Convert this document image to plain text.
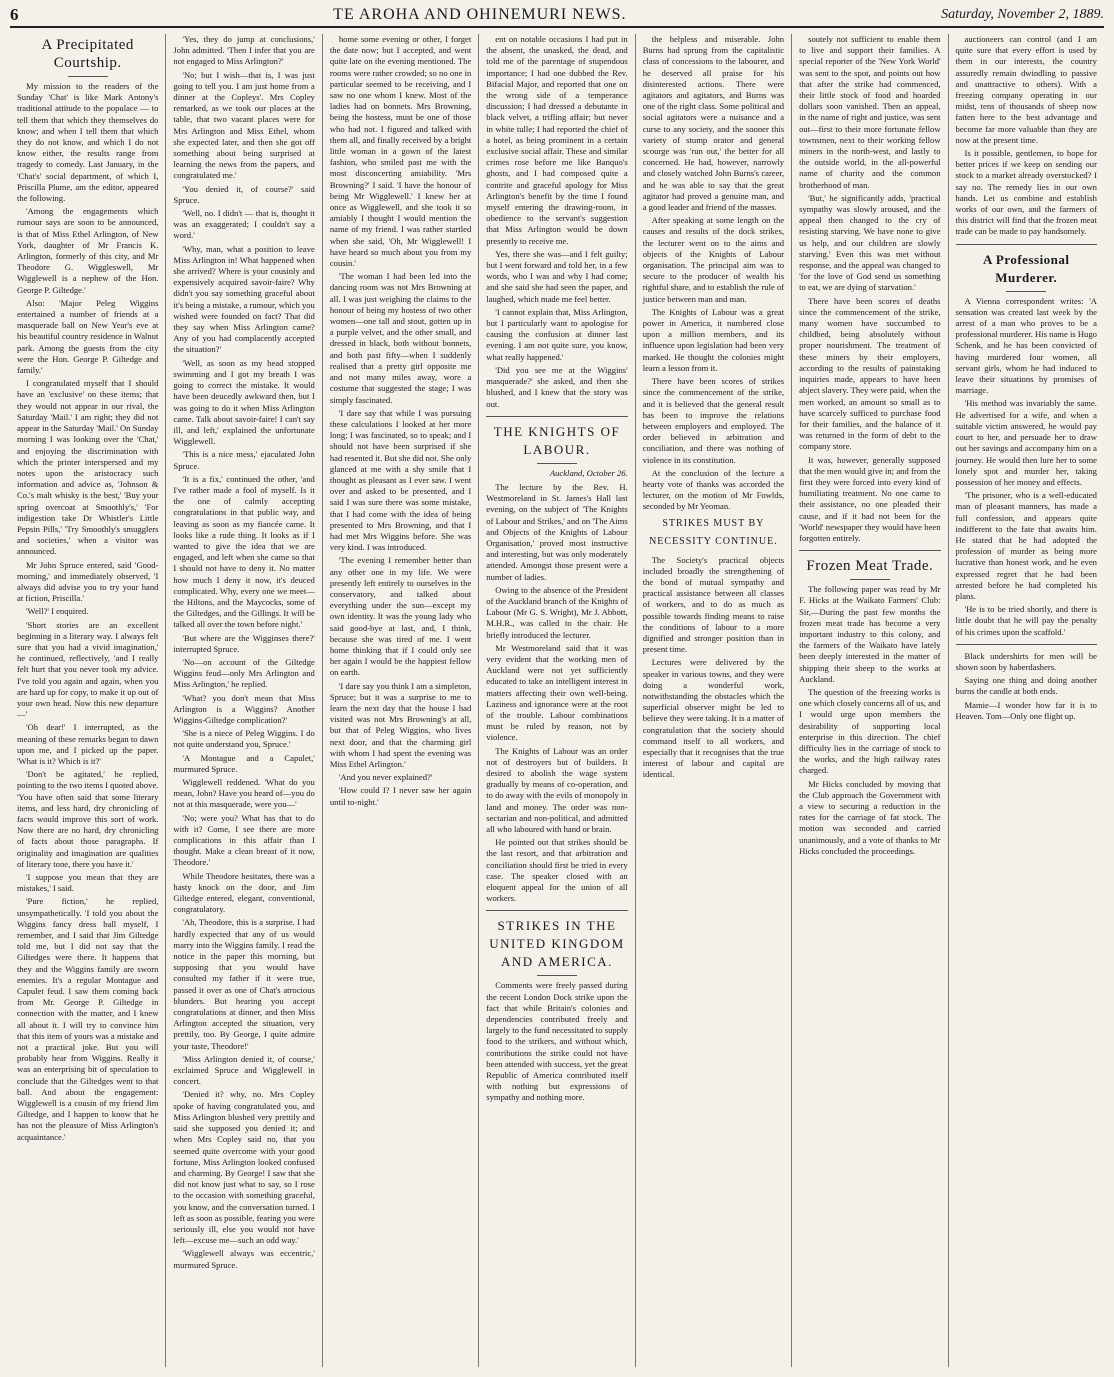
6	TE AROHA AND OHINEMURI NEWS.	Saturday, November 2, 1889.
A Precipitated Courtship.

My mission to the readers of the Sunday 'Chat' is like Mark Antony's traditional attitude to the populace — to tell them that which they themselves do know; and when I tell them that which they do not know, and which I do not know either, the results range from tragedy to comedy. Last January, in the 'Chat's' social department, of which I, Priscilla Plume, am the editor, appeared the following.

'Among the engagements which rumour says are soon to be announced, is that of Miss Ethel Arlington, of New York, daughter of Mr Francis K. Arlington, formerly of this city, and Mr Theodore G. Wiggleswell, Mr Wigglewell is a nephew of the Hon. George P. Giltedge.'

Also: 'Major Peleg Wiggins entertained a number of friends at a masquerade ball on New Year's eve at his beautiful country residence in Walnut park. Among the guests from the city were the Hon. George P. Giltedge and family.'

I congratulated myself that I should have an 'exclusive' on these items; that they would not appear in our rival, the Saturday 'Mail.' I am right; they did not appear in the Saturday 'Mail.' On Sunday morning I was looking over the 'Chat,' and enjoying the discrimination with which the printer interspersed and my notes upon the aristocracy such information and advice as, 'Johnson & Co.'s malt whisky is the best,' 'Buy your spring overcoat at Smoothly's,' 'For indigestion take Dr Whistler's Little Pepsin Pills,' 'Try Smoothly's smugglers and societies,' when a visitor was announced.

Mr John Spruce entered, said 'Good-morning,' and immediately observed, 'I always did advise you to try your hand at fiction, Priscilla.'

'Well?' I enquired.

'Short stories are an excellent beginning in a literary way. I always felt sure that you had a vivid imagination,' he continued, reflectively, 'and I really felt hurt that you never took my advice. I've told you again and again, when you are hard up for copy, to make it up out of your own head. Now this new departure —'

'Oh dear!' I interrupted, as the meaning of these remarks began to dawn upon me, and I picked up the paper. 'What is it? Which is it?'

'Don't be agitated,' he replied, pointing to the two items I quoted above. 'You have often said that some literary items, and less hard, dry chronicling of facts would improve this sort of work. Now there are no hard, dry chronicling of facts about those paragraphs. If originality and imagination are qualities of literary tone, there you have it.'

'I suppose you mean that they are mistakes,' I said.

'Pure fiction,' he replied, unsympathetically. 'I told you about the Wiggins fancy dress ball myself, I remember, and I said that Jim Giltedge told me, but I did not say that the Giltedges were there. It happens that they and the Wiggins family are sworn enemies. It's a regular Montague and Capulet feud. I saw them coming back from Mr. George P. Giltedge in connection with the matter, and I knew all about it. I will try to convince him that this item of yours was a mistake and not a practical joke. But you will probably hear from Wiggins. Really it was an enterprising bit of speculation to conclude that the Giltedges went to that ball. And about the engagement: Wigglewell is a cousin of my friend Jim Giltedge, and I happen to know that he has not the pleasure of Miss Arlington's acquaintance.'

'Yes, they do jump at conclusions,' John admitted. 'Then I infer that you are not engaged to Miss Arlington?'

'No; but I wish—that is, I was just going to tell you. I am just home from a dinner at the Copleys'. Mrs Copley remarked, as we took our places at the table, that two vacant places were for Mrs Arlington and Miss Ethel, whom she expected later, and then she got off something about being surprised at learning the news from the papers, and congratulated me.'

'You denied it, of course?' said Spruce.

'Well, no. I didn't — that is, thought it was an exaggerated; I couldn't say a word.'

'Why, man, what a position to leave Miss Arlington in! What happened when she arrived? Where is your cousinly and expensively acquired savoir-faire? Why didn't you say something graceful about it's being a mistake, a rumour, which you wished were founded on fact? That did they say when Miss Arlington came? Any of you had complacently accepted the situation?'

'Well, as soon as my head stopped swimming and I got my breath I was going to correct the mistake. It would have been deucedly awkward then, but I was going to do it when Miss Arlington came. Talk about savoir-faire! I can't say ill, and left,' explained the unfortunate Wigglewell.

'This is a nice mess,' ejaculated John Spruce.

'It is a fix,' continued the other, 'and I've rather made a fool of myself. Is it the one of calmly accepting congratulations in that public way, and leaving as soon as my fiancée came. It looks like a rude thing. It looks as if I wanted to give the idea that we are engaged, and left when she came so that I should not have to deny it. No matter how much I deny it now, it's deuced complicated. Why, every one we meet—the Hiltons, and the Maycocks, some of the Giltedges, and the Gillings. It will be talked all over the town before night.'

'But where are the Wigginses there?' interrupted Spruce.

'No—on account of the Giltedge Wiggins feud—only Mrs Arlington and Miss Arlington,' he replied.

'What? you don't mean that Miss Arlington is a Wiggins? Another Wiggins-Giltedge complication?'

'She is a niece of Peleg Wiggins. I do not quite understand you, Spruce.'

'A Montague and a Capulet,' murmured Spruce.

Wigglewell reddened. 'What do you mean, John? Have you heard of—you do not at this masquerade, were you—'

'No; were you? What has that to do with it? Come, I see there are more complications in this affair than I thought. Make a clean breast of it now, Theodore.'

While Theodore hesitates, there was a hasty knock on the door, and Jim Giltedge entered, elegant, conventional, congratulatory.

'Ah, Theodore, this is a surprise. I had hardly expected that any of us would marry into the Wiggins family. I read the notice in the paper this morning, but supposing that you would have consulted my father if it were true, passed it over as one of Chat's atrocious blunders. But hearing you accept congratulations at dinner, and then Miss Arlington accepted the situation, very prettily, too. By George, I quite admire your taste, Theodore!'

'Miss Arlington denied it, of course,' exclaimed Spruce and Wigglewell in concert.

'Denied it? why, no. Mrs Copley spoke of having congratulated you, and Miss Arlington blushed very prettily and said she supposed you denied it; and when Mrs Copley said no, that you seemed quite overcome with your good fortune, Miss Arlington looked confused and charming. By George! I saw that she did not know just what to say, so I rose to the occasion with something graceful, you know, and the conversation turned. I left as soon as possible, fearing you were seriously ill, else you would not have left—excuse me—such an odd way.'

'Wigglewell always was eccentric,' murmured Spruce.

home some evening or other, I forget the date now; but I accepted, and went quite late on the evening mentioned. The rooms were rather crowded; so no one in particular seemed to be receiving, and I saw no one whom I knew. Most of the ladies had on bonnets. Mrs Browning, being the hostess, must be one of those who had not. I figured and talked with them all, and finally received by a bright little woman in a gown of the latest fashion, who smiled past me with the most disconcerting amiability. 'Mrs Browning?' I said. 'I have the honour of being Mr Wigglewell.' I knew her at once as Wigglewell, and she took it so amiably I thought I would mention the name of my friend. I was rather startled when she said, 'Oh, Mr Wigglewell! I have heard so much about you from my cousin.'

'The woman I had been led into the dancing room was not Mrs Browning at all. I was just weighing the claims to the honour of being my hostess of two other women—one tall and stout, gotten up in a purple velvet, and the other small, and dressed in black, both without bonnets, and both past fifty—when I suddenly realised that a pretty girl opposite me and not many miles away, wore a costume that suggested the stage; I was simply fascinated.

'I dare say that while I was pursuing these calculations I looked at her more long; I was fascinated, so to speak; and I should not have been surprised if she had resented it. But she did not. She only glanced at me with a shy smile that I thought as pleasant as I ever saw. I went over and asked to be presented, and I said I was sure there was some mistake, that I had come with the idea of being presented to Mrs Browning, and that I had met Mrs Wiggins before. She was very kind. I was introduced.

'The evening I remember better than any other one in my life. We were presently left entirely to ourselves in the conservatory, and talked about everything under the sun—except my own identity. It was the young lady who said good-bye at last, and, I think, because she was tired of me. I went home thinking that if I could only see her again I would be the happiest fellow on earth.

'I dare say you think I am a simpleton, Spruce; but it was a surprise to me to learn the next day that the house I had visited was not Mrs Browning's at all, but that of Peleg Wiggins, who lives next door, and that the charming girl with whom I had spent the evening was Miss Ethel Arlington.'

'And you never explained?'

'How could I? I never saw her again until to-night.'

ent on notable occasions I had put in the absent, the unasked, the dead, and told me of the parentage of stupendous importance; I had one dubbed the Rev. Bifacial Major, and reported that one on the wrong side of a temperance discussion; I had dressed a debutante in black velvet, a trifling affair; but never in white tulle; I had reported the chief of a hotel, as being prominent in a certain exclusive social affair. These and similar crimes rose before me like Banquo's ghosts, and I had composed quite a contrite and graceful apology for Miss Arlington's benefit by the time I found myself entering the drawing-room, in obedience to the servant's suggestion that Miss Arlington would be down presently to receive me.

Yes, there she was—and I felt guilty; but I went forward and told her, in a few words, who I was and why I had come; and she said she had seen the paper, and laughed, which made me feel better.

'I cannot explain that, Miss Arlington, but I particularly want to apologise for causing the confusion at dinner last evening. I am not quite sure, you know, what really happened.'

'Did you see me at the Wiggins' masquerade?' she asked, and then she blushed, and I knew that the story was out.

THE KNIGHTS OF LABOUR.
Auckland, October 26.

The lecture by the Rev. H. Westmoreland in St. James's Hall last evening, on the subject of 'The Knights of Labour and Strikes,' and on 'The Aims and Objects of the Knights of Labour Organisation,' proved most instructive and interesting, but was only moderately attended. Amongst those present were a number of ladies.

Owing to the absence of the President of the Auckland branch of the Knights of Labour (Mr G. S. Wright), Mr J. Abbott, M.H.R., was called to the chair. He briefly introduced the lecturer.

Mr Westmoreland said that it was very evident that the working men of Auckland were not yet sufficiently educated to take an intelligent interest in matters affecting their own well-being. Laziness and ignorance were at the root of the trouble. Labour combinations must be ruled by reason, not by violence.

The Knights of Labour was an order not of destroyers but of builders. It desired to abolish the wage system gradually by means of co-operation, and to do away with the evils of monopoly in land and money. The order was non-sectarian and non-political, and admitted all who laboured with hand or brain.

He pointed out that strikes should be the last resort, and that arbitration and conciliation should first be tried in every case. The speaker closed with an eloquent appeal for the union of all workers.

STRIKES IN THE UNITED KINGDOM AND AMERICA.

Comments were freely passed during the recent London Dock strike upon the fact that while Britain's colonies and dependencies contributed freely and largely to the fund necessitated to supply food to the strikers, and without which, contributions the strike could not have been attended with success, yet the great Republic of America contributed itself with nothing but expressions of sympathy and nothing more.

the helpless and miserable. John Burns had sprung from the capitalistic class of concessions to the labourer, and he deserved all praise for his disinterested actions. There were agitators and agitators, and Burns was one of the right class. Some political and social agitators were a nuisance and a curse to any society, and the sooner this variety of stump orator and general scourge was 'run out,' the better for all concerned. He had, however, narrowly and closely watched John Burns's career, and he was able to say that the great agitator had proved a genuine man, and a good leader and friend of the masses.

After speaking at some length on the causes and results of the dock strikes, the lecturer went on to the aims and objects of the Knights of Labour organisation. The principal aim was to secure to the producer of wealth his rightful share, and to establish the rule of justice between man and man.

The Knights of Labour was a great power in America, it numbered close upon a million members, and its influence upon legislation had been very marked. He thought the colonies might learn a lesson from it.

There have been scores of strikes since the commencement of the strike, and it is believed that the general result has been to improve the relations between employers and employed. The order believed in arbitration and conciliation, and there was nothing of violence in its constitution.

At the conclusion of the lecture a hearty vote of thanks was accorded the lecturer, on the motion of Mr Fowlds, seconded by Mr Yeoman.

STRIKES MUST BY NECESSITY CONTINUE.

The Society's practical objects included broadly the strengthening of the bond of mutual sympathy and practical assistance between all classes of workers, and to do as much as possible towards finding means to raise the conditions of labour to a more dignified and stronger position than in present time.

Lectures were delivered by the speaker in various towns, and they were doing a wonderful work, notwithstanding the obstacles which the superficial observer might be led to believe they were taking. It is a matter of congratulation that the society should command itself to all workers, and especially that it recognises that the true interest of labour and capital are identical.

soutely not sufficient to enable them to live and support their families. A special reporter of the 'New York World' was sent to the spot, and points out how that after the strike had commenced, their little stock of food and hoarded dollars soon vanished. Then an appeal, in the name of right and justice, was sent out—first to their more fortunate fellow townsmen, next to their working fellow miners in the north-west, and lastly to the outside world, in the all-powerful name of charity and the common brotherhood of man.

'But,' he significantly adds, 'practical sympathy was slowly aroused, and the appeal then changed to the cry of resisting starving. We have none to give us help, and our children are slowly starving.' Even this was met without response, and the appeal was changed to 'for the love of God send us something to eat, we are dying of starvation.'

There have been scores of deaths since the commencement of the strike, many women have succumbed to childbed, being absolutely without proper nourishment. The treatment of these miners by their employers, according to the results of painstaking inquiries made, appears to have been abject slavery. They were paid, when the men worked, an amount so small as to have scarcely sufficed to purchase food for their families, and the balance of it was returned in the form of debt to the company store.

It was, however, generally supposed that the men would give in; and from the first they were forced into every kind of humiliating treatment. No one came to their assistance, no one pleaded their cause, and if it had not been for the 'World' newspaper they would have been forgotten entirely.

Frozen Meat Trade.

The following paper was read by Mr F. Hicks at the Waikato Farmers' Club: Sir,—During the past few months the frozen meat trade has become a very important industry to this colony, and the farmers of the Waikato have lately been deeply interested in the matter of shipping their sheep to the works at Auckland.

The question of the freezing works is one which closely concerns all of us, and I would urge upon members the desirability of supporting local enterprise in this direction. The chief difficulty lies in the carriage of stock to the works, and the high railway rates charged.

Mr Hicks concluded by moving that the Club approach the Government with a view to securing a reduction in the rates for the carriage of fat stock. The motion was seconded and carried unanimously, and a vote of thanks to Mr Hicks concluded the proceedings.

auctioneers can control (and I am quite sure that every effort is used by them in our interests, the country assuredly remain dwindling to passive and unattractive to others). With a freezing company operating in our midst, tens of thousands of sheep now fatten here to the best advantage and become far more valuable than they are now at the present time.

Is it possible, gentlemen, to hope for better prices if we keep on sending our stock to a market already overstocked? I say no. The remedy lies in our own hands. Let us combine and establish works of our own, and the farmers of this district will find that the frozen meat trade can be made to pay handsomely.

A Professional Murderer.

A Vienna correspondent writes: 'A sensation was created last week by the arrest of a man who proves to be a professional murderer. His name is Hugo Schenk, and he has been convicted of having murdered four women, all servant girls, whom he had induced to leave their situations by promises of marriage.

'His method was invariably the same. He advertised for a wife, and when a suitable victim answered, he would pay court to her, and persuade her to draw out her savings and accompany him on a journey. He would then lure her to some lonely spot and murder her, taking possession of her money and effects.

'The prisoner, who is a well-educated man of pleasant manners, has made a full confession, and appears quite indifferent to the fate that awaits him. He stated that he had adopted the profession of murder as being more lucrative than honest work, and he even expressed regret that he had been arrested before he had completed his plans.

'He is to be tried shortly, and there is little doubt that he will pay the penalty of his crimes upon the scaffold.'

Black undershirts for men will be shown soon by haberdashers.

Saying one thing and doing another burns the candle at both ends.

Mamie—I wonder how far it is to Heaven. Tom—Only one flight up.
